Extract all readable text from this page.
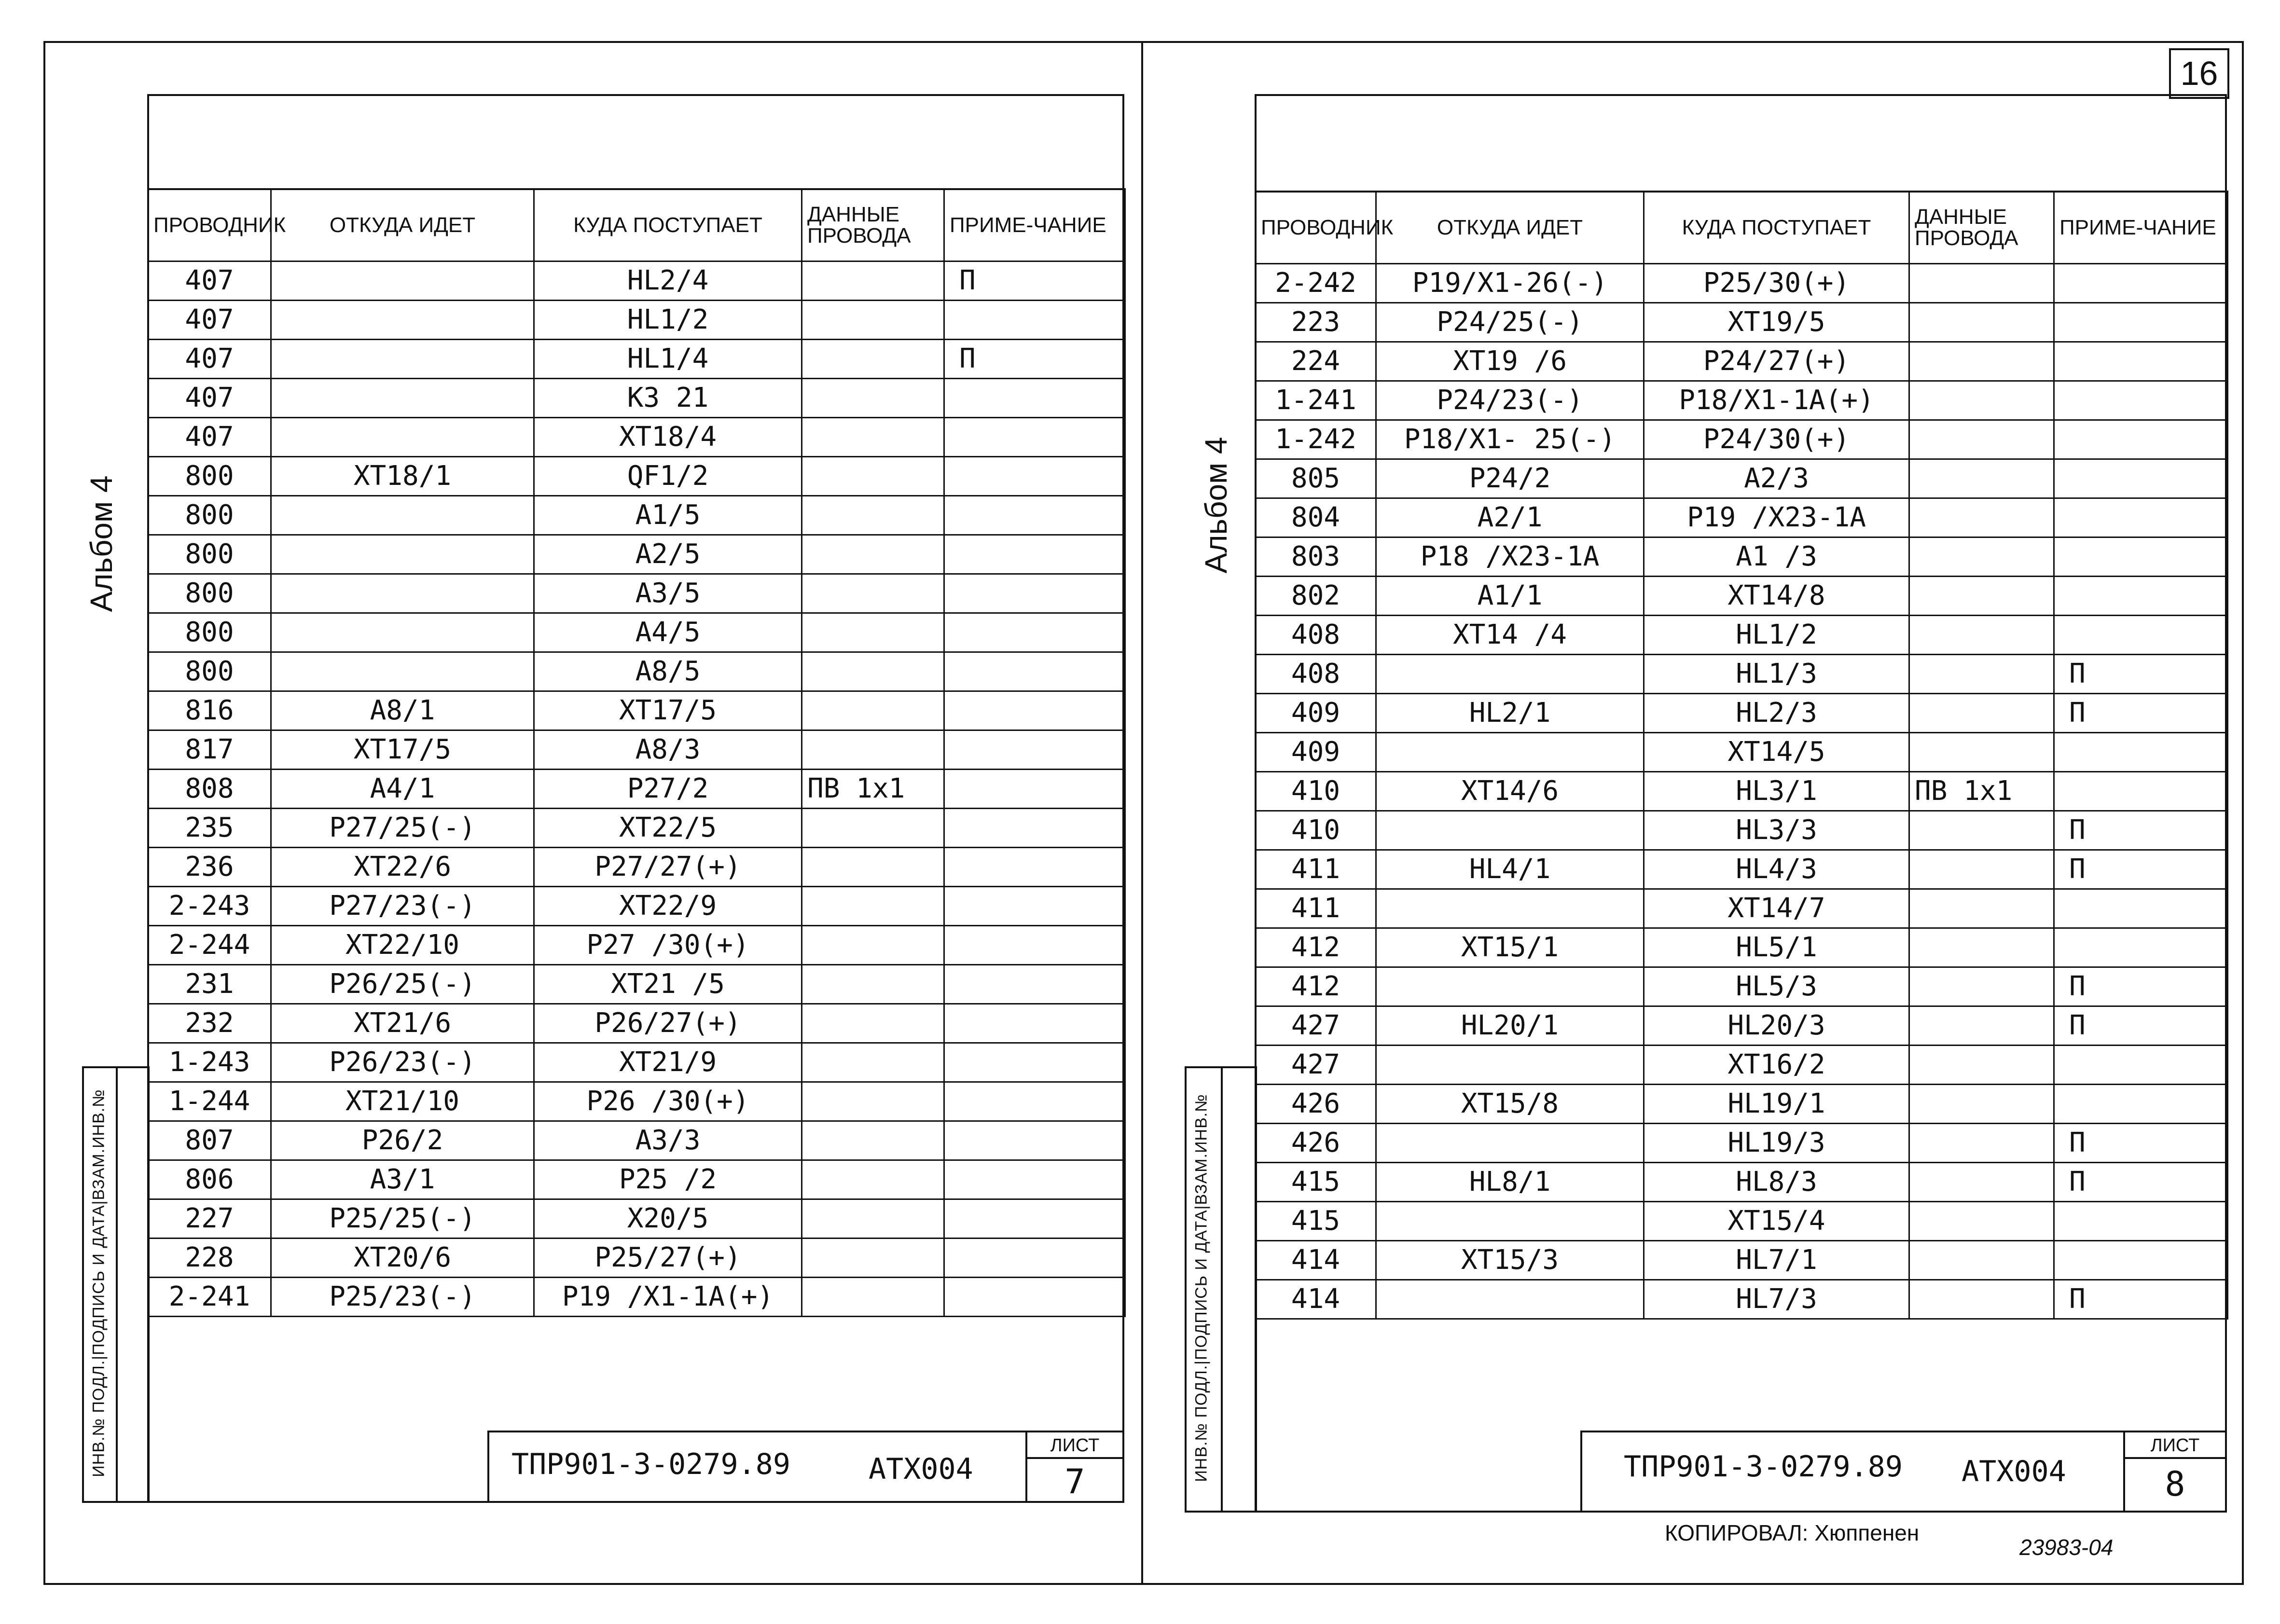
16
Альбом 4
ИНВ.№ ПОДЛ.|ПОДПИСЬ И ДАТА|ВЗАМ.ИНВ.№
ПРОВОДНИК	ОТКУДА ИДЕТ	КУДА ПОСТУПАЕТ	ДАННЫЕ ПРОВОДА	ПРИМЕ-ЧАНИЕ
407		HL2/4		П
407		HL1/2		
407		HL1/4		П
407		K3 21		
407		XT18/4		
800	XT18/1	QF1/2		
800		A1/5		
800		A2/5		
800		A3/5		
800		A4/5		
800		A8/5		
816	A8/1	XT17/5		
817	XT17/5	A8/3		
808	A4/1	P27/2	ПВ 1x1	
235	P27/25(-)	XT22/5		
236	XT22/6	P27/27(+)		
2-243	P27/23(-)	XT22/9		
2-244	XT22/10	P27 /30(+)		
231	P26/25(-)	XT21 /5		
232	XT21/6	P26/27(+)		
1-243	P26/23(-)	XT21/9		
1-244	XT21/10	P26 /30(+)		
807	P26/2	A3/3		
806	A3/1	P25 /2		
227	P25/25(-)	X20/5		
228	XT20/6	P25/27(+)		
2-241	P25/23(-)	P19 /X1-1A(+)		
ТПР901-3-0279.89	АТХ004
ЛИСТ
7
Альбом 4
ИНВ.№ ПОДЛ.|ПОДПИСЬ И ДАТА|ВЗАМ.ИНВ.№
ПРОВОДНИК	ОТКУДА ИДЕТ	КУДА ПОСТУПАЕТ	ДАННЫЕ ПРОВОДА	ПРИМЕ-ЧАНИЕ
2-242	P19/X1-26(-)	P25/30(+)		
223	P24/25(-)	XT19/5		
224	XT19 /6	P24/27(+)		
1-241	P24/23(-)	P18/X1-1A(+)		
1-242	P18/X1- 25(-)	P24/30(+)		
805	P24/2	A2/3		
804	A2/1	P19 /X23-1A		
803	P18 /X23-1A	A1 /3		
802	A1/1	XT14/8		
408	XT14 /4	HL1/2		
408		HL1/3		П
409	HL2/1	HL2/3		П
409		XT14/5		
410	XT14/6	HL3/1	ПВ 1x1	
410		HL3/3		П
411	HL4/1	HL4/3		П
411		XT14/7		
412	XT15/1	HL5/1		
412		HL5/3		П
427	HL20/1	HL20/3		П
427		XT16/2		
426	XT15/8	HL19/1		
426		HL19/3		П
415	HL8/1	HL8/3		П
415		XT15/4		
414	XT15/3	HL7/1		
414		HL7/3		П
ТПР901-3-0279.89 АТХ004
ЛИСТ
8
КОПИРОВАЛ: Хюппенен
23983-04
